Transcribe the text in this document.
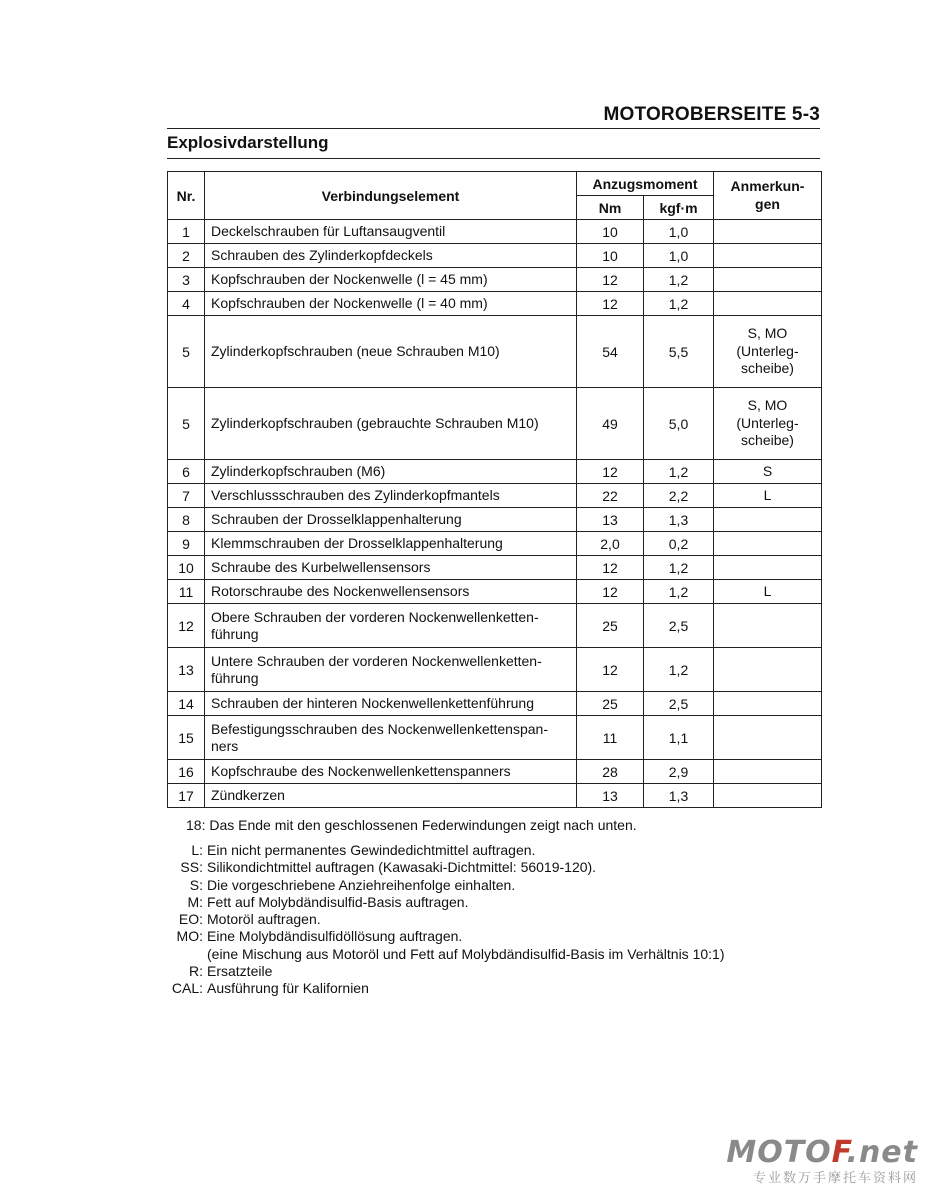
MOTOROBERSEITE 5-3
Explosivdarstellung
Nr.	Verbindungselement	Anzugsmoment		Anmerkun-
gen
		Nm	kgf·m	
1	Deckelschrauben für Luftansaugventil	10	1,0	
2	Schrauben des Zylinderkopfdeckels	10	1,0	
3	Kopfschrauben der Nockenwelle (l = 45 mm)	12	1,2	
4	Kopfschrauben der Nockenwelle (l = 40 mm)	12	1,2	
5	Zylinderkopfschrauben (neue Schrauben M10)	54	5,5	S, MO
(Unterleg-
scheibe)
5	Zylinderkopfschrauben (gebrauchte Schrauben M10)	49	5,0	S, MO
(Unterleg-
scheibe)
6	Zylinderkopfschrauben (M6)	12	1,2	S
7	Verschlussschrauben des Zylinderkopfmantels	22	2,2	L
8	Schrauben der Drosselklappenhalterung	13	1,3	
9	Klemmschrauben der Drosselklappenhalterung	2,0	0,2	
10	Schraube des Kurbelwellensensors	12	1,2	
11	Rotorschraube des Nockenwellensensors	12	1,2	L
12	Obere Schrauben der vorderen Nockenwellenketten-
führung	25	2,5	
13	Untere Schrauben der vorderen Nockenwellenketten-
führung	12	1,2	
14	Schrauben der hinteren Nockenwellenkettenführung	25	2,5	
15	Befestigungsschrauben des Nockenwellenkettenspan-
ners	11	1,1	
16	Kopfschraube des Nockenwellenkettenspanners	28	2,9	
17	Zündkerzen	13	1,3	
18: Das Ende mit den geschlossenen Federwindungen zeigt nach unten.
L: Ein nicht permanentes Gewindedichtmittel auftragen.
SS: Silikondichtmittel auftragen (Kawasaki-Dichtmittel: 56019-120).
S: Die vorgeschriebene Anziehreihenfolge einhalten.
M: Fett auf Molybdändisulfid-Basis auftragen.
EO: Motoröl auftragen.
MO: Eine Molybdändisulfidöllösung auftragen.
(eine Mischung aus Motoröl und Fett auf Molybdändisulfid-Basis im Verhältnis 10:1)
R: Ersatzteile
CAL: Ausführung für Kalifornien
MOTOF.net
专业数万手摩托车资料网
